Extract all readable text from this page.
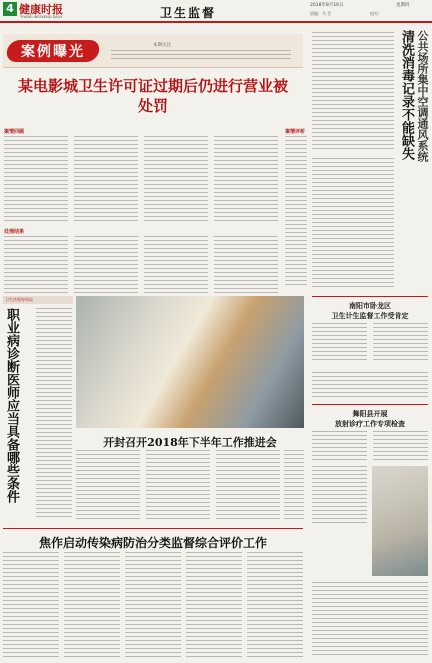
4 健康时报
YIYANG WEEKEND DAILY	卫生监督
2018年8月16日	星期四
责编：马 芸	校对：
案例曝光	本期关注
某电影城卫生许可证过期后仍进行营业被处罚
案情回顾	案情评析
处理结果
公共场所集中空调通风系统
清洗消毒记录不能缺失
南阳市卧龙区
卫生计生监督工作受肯定
舞阳县开展
放射诊疗工作专项检查
卫生法规每周谈
职业病诊断医师应当具备哪些条件	开封召开2018年下半年工作推进会
焦作启动传染病防治分类监督综合评价工作
